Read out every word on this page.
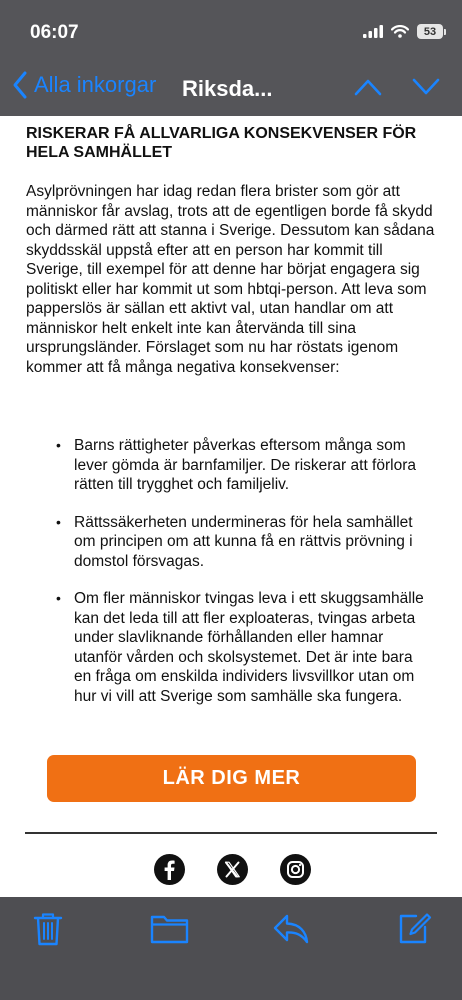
06:07	53
Alla inkorgar Riksda...
RISKERAR FÅ ALLVARLIGA KONSEKVENSER FÖR HELA SAMHÄLLET
Asylprövningen har idag redan flera brister som gör att människor får avslag, trots att de egentligen borde få skydd och därmed rätt att stanna i Sverige. Dessutom kan sådana skyddsskäl uppstå efter att en person har kommit till Sverige, till exempel för att denne har börjat engagera sig politiskt eller har kommit ut som hbtqi-person. Att leva som papperslös är sällan ett aktivt val, utan handlar om att människor helt enkelt inte kan återvända till sina ursprungsländer. Förslaget som nu har röstats igenom kommer att få många negativa konsekvenser:
• Barns rättigheter påverkas eftersom många som lever gömda är barnfamiljer. De riskerar att förlora rätten till trygghet och familjeliv.
• Rättssäkerheten undermineras för hela samhället om principen om att kunna få en rättvis prövning i domstol försvagas.
• Om fler människor tvingas leva i ett skuggsamhälle kan det leda till att fler exploateras, tvingas arbeta under slavliknande förhållanden eller hamnar utanför vården och skolsystemet. Det är inte bara en fråga om enskilda individers livsvillkor utan om hur vi vill att Sverige som samhälle ska fungera.
LÄR DIG MER
